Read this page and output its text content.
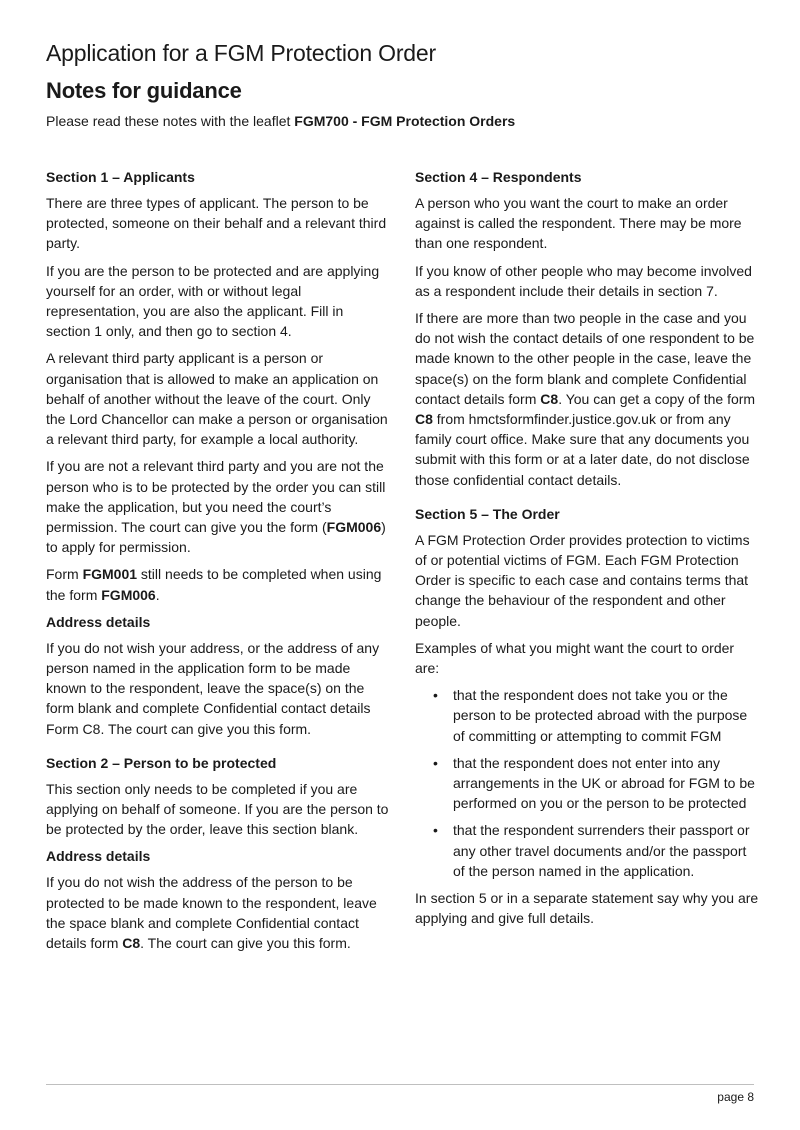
Application for a FGM Protection Order
Notes for guidance

Please read these notes with the leaflet FGM700 - FGM Protection Orders

Section 1 – Applicants

There are three types of applicant. The person to be protected, someone on their behalf and a relevant third party.

If you are the person to be protected and are applying yourself for an order, with or without legal representation, you are also the applicant. Fill in section 1 only, and then go to section 4.

A relevant third party applicant is a person or organisation that is allowed to make an application on behalf of another without the leave of the court. Only the Lord Chancellor can make a person or organisation a relevant third party, for example a local authority.

If you are not a relevant third party and you are not the person who is to be protected by the order you can still make the application, but you need the court’s permission. The court can give you the form (FGM006) to apply for permission.

Form FGM001 still needs to be completed when using the form FGM006.

Address details

If you do not wish your address, or the address of any person named in the application form to be made known to the respondent, leave the space(s) on the form blank and complete Confidential contact details Form C8. The court can give you this form.

Section 2 – Person to be protected

This section only needs to be completed if you are applying on behalf of someone. If you are the person to be protected by the order, leave this section blank.

Address details

If you do not wish the address of the person to be protected to be made known to the respondent, leave the space blank and complete Confidential contact details form C8. The court can give you this form.

Section 4 – Respondents

A person who you want the court to make an order against is called the respondent. There may be more than one respondent.

If you know of other people who may become involved as a respondent include their details in section 7.

If there are more than two people in the case and you do not wish the contact details of one respondent to be made known to the other people in the case, leave the space(s) on the form blank and complete Confidential contact details form C8. You can get a copy of the form C8 from hmctsformfinder.justice.gov.uk or from any family court office. Make sure that any documents you submit with this form or at a later date, do not disclose those confidential contact details.

Section 5 – The Order

A FGM Protection Order provides protection to victims of or potential victims of FGM. Each FGM Protection Order is specific to each case and contains terms that change the behaviour of the respondent and other people.

Examples of what you might want the court to order are:

• that the respondent does not take you or the person to be protected abroad with the purpose of committing or attempting to commit FGM
• that the respondent does not enter into any arrangements in the UK or abroad for FGM to be performed on you or the person to be protected
• that the respondent surrenders their passport or any other travel documents and/or the passport of the person named in the application.

In section 5 or in a separate statement say why you are applying and give full details.

page 8
